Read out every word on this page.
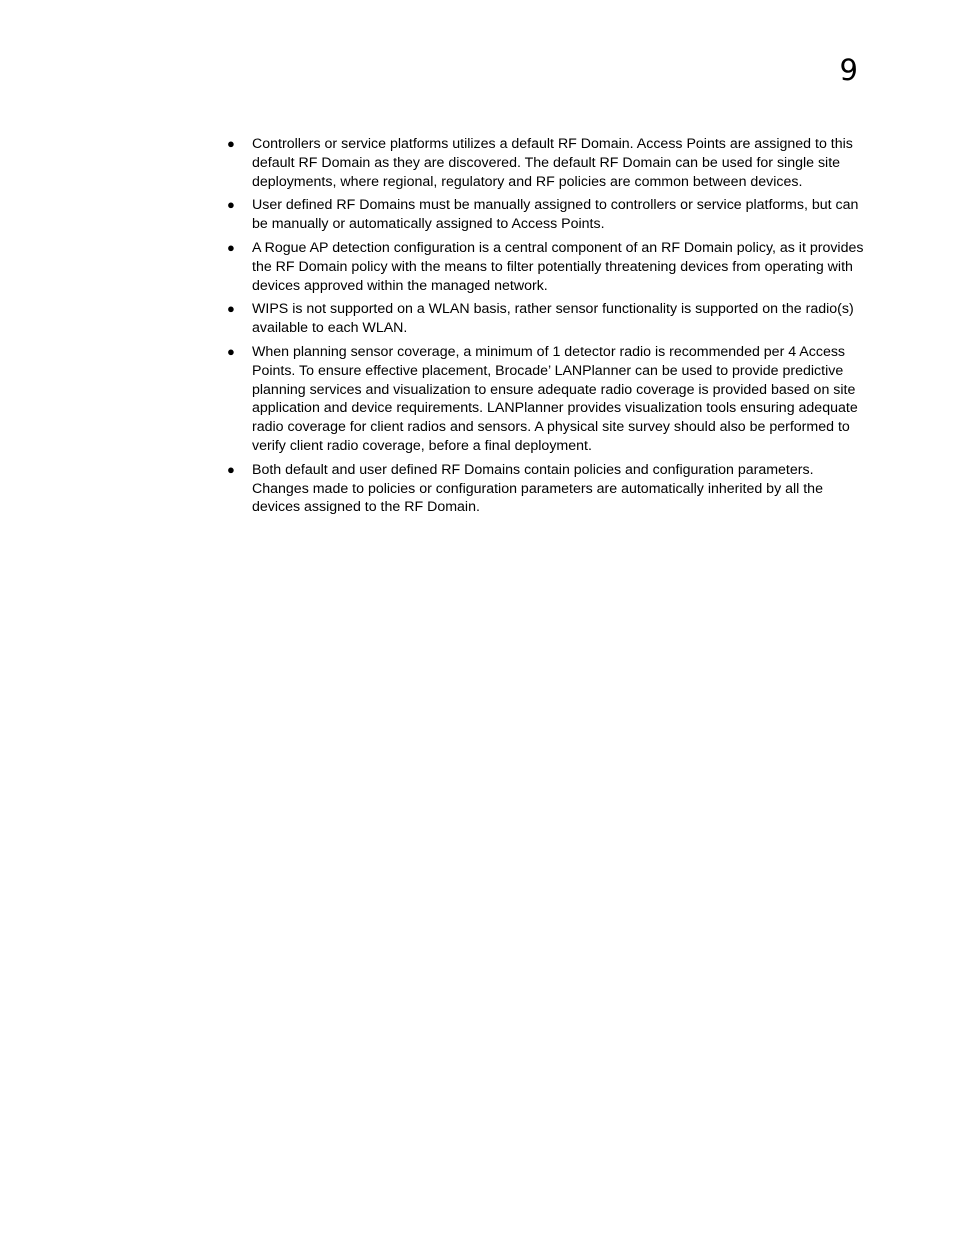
9
● Controllers or service platforms utilizes a default RF Domain. Access Points are assigned to this default RF Domain as they are discovered. The default RF Domain can be used for single site deployments, where regional, regulatory and RF policies are common between devices.
● User defined RF Domains must be manually assigned to controllers or service platforms, but can be manually or automatically assigned to Access Points.
● A Rogue AP detection configuration is a central component of an RF Domain policy, as it provides the RF Domain policy with the means to filter potentially threatening devices from operating with devices approved within the managed network.
● WIPS is not supported on a WLAN basis, rather sensor functionality is supported on the radio(s) available to each WLAN.
● When planning sensor coverage, a minimum of 1 detector radio is recommended per 4 Access Points. To ensure effective placement, Brocade’ LANPlanner can be used to provide predictive planning services and visualization to ensure adequate radio coverage is provided based on site application and device requirements. LANPlanner provides visualization tools ensuring adequate radio coverage for client radios and sensors. A physical site survey should also be performed to verify client radio coverage, before a final deployment.
● Both default and user defined RF Domains contain policies and configuration parameters. Changes made to policies or configuration parameters are automatically inherited by all the devices assigned to the RF Domain.
